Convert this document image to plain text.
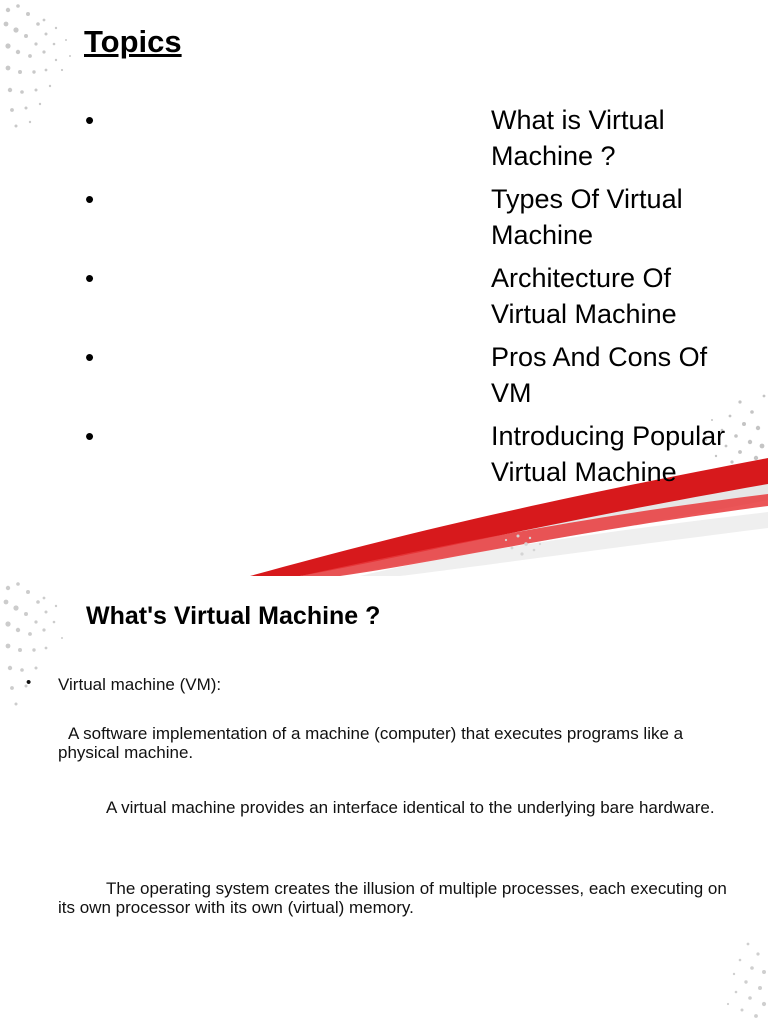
Topics
•	What is Virtual Machine ?
•	Types Of Virtual Machine
•	Architecture Of Virtual Machine
•	Pros And Cons Of VM
•	Introducing Popular Virtual Machine
What's Virtual Machine ?
• Virtual machine (VM):

A software implementation of a machine (computer) that executes programs like a physical machine.

A virtual machine provides an interface identical to the underlying bare hardware.

The operating system creates the illusion of multiple processes, each executing on its own processor with its own (virtual) memory.
